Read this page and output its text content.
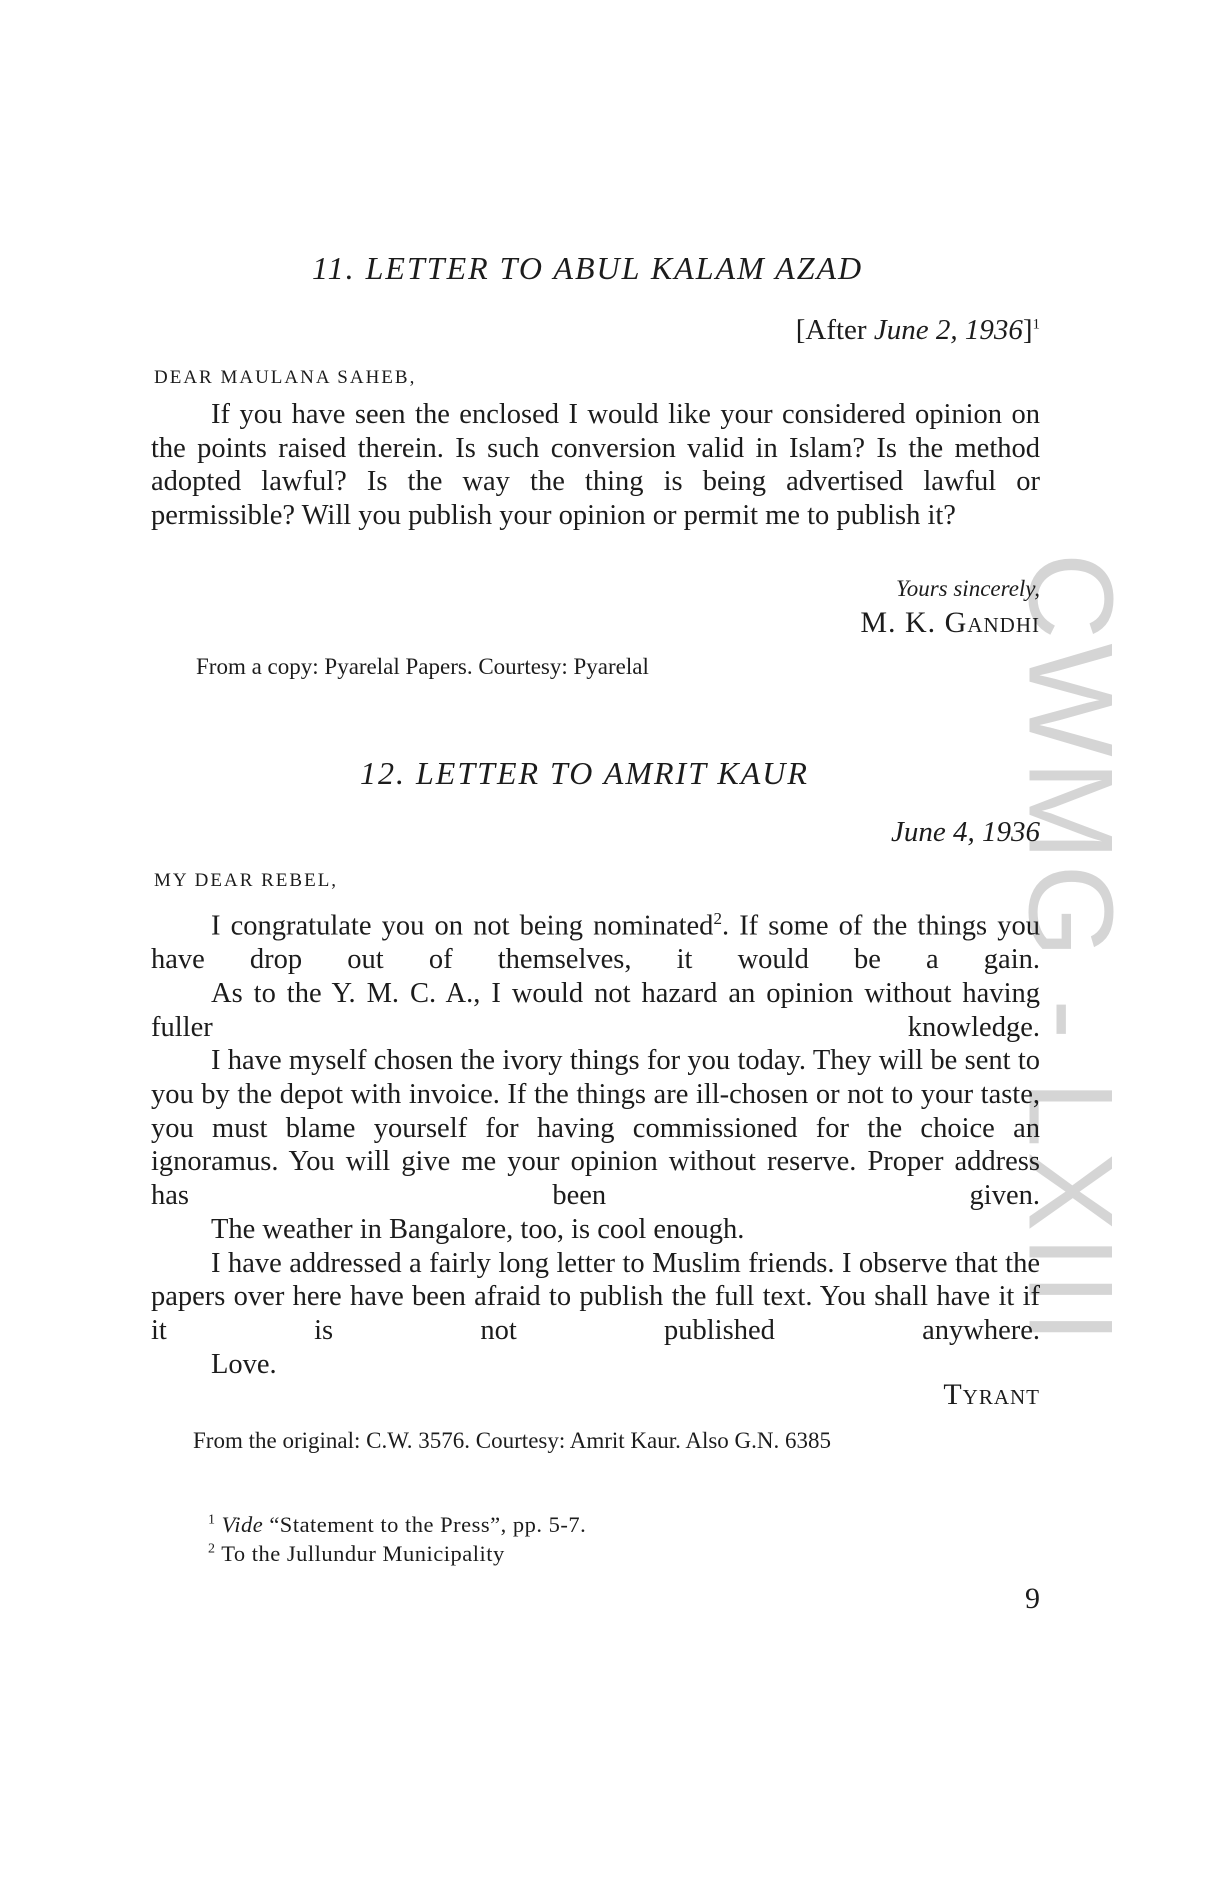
CWMG - LXIII
11. LETTER TO ABUL KALAM AZAD
[After June 2, 1936]$^1$
DEAR MAULANA SAHEB,

If you have seen the enclosed I would like your considered opinion on the points raised therein. Is such conversion valid in Islam? Is the method adopted lawful? Is the way the thing is being advertised lawful or permissible? Will you publish your opinion or permit me to publish it?

Yours sincerely,
M. K. Gandhi
From a copy: Pyarelal Papers. Courtesy: Pyarelal
12. LETTER TO AMRIT KAUR
June 4, 1936
MY DEAR REBEL,

I congratulate you on not being nominated$^2$. If some of the things you have drop out of themselves, it would be a gain.

As to the Y. M. C. A., I would not hazard an opinion without having fuller knowledge.

I have myself chosen the ivory things for you today. They will be sent to you by the depot with invoice. If the things are ill-chosen or not to your taste, you must blame yourself for having commissioned for the choice an ignoramus. You will give me your opinion without reserve. Proper address has been given.

The weather in Bangalore, too, is cool enough.

I have addressed a fairly long letter to Muslim friends. I observe that the papers over here have been afraid to publish the full text. You shall have it if it is not published anywhere.

Love.

Tyrant
From the original: C.W. 3576. Courtesy: Amrit Kaur. Also G.N. 6385
$^1$ Vide “Statement to the Press”, pp. 5-7.
$^2$ To the Jullundur Municipality
9
